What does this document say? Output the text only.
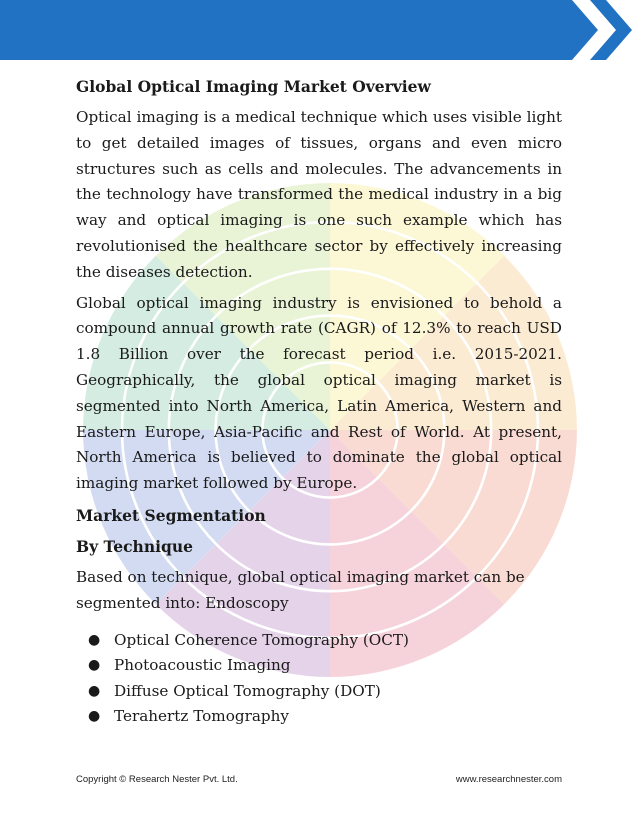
Global Optical Imaging Market Overview

Optical imaging is a medical technique which uses visible light to get detailed images of tissues, organs and even micro structures such as cells and molecules. The advancements in the technology have transformed the medical industry in a big way and optical imaging is one such example which has revolutionised the healthcare sector by effectively increasing the diseases detection.

Global optical imaging industry is envisioned to behold a compound annual growth rate (CAGR) of 12.3% to reach USD 1.8 Billion over the forecast period i.e. 2015-2021. Geographically, the global optical imaging market is segmented into North America, Latin America, Western and Eastern Europe, Asia-Pacific and Rest of World. At present, North America is believed to dominate the global optical imaging market followed by Europe.

Market Segmentation
By Technique

Based on technique, global optical imaging market can be segmented into: Endoscopy

● Optical Coherence Tomography (OCT)
● Photoacoustic Imaging
● Diffuse Optical Tomography (DOT)
● Terahertz Tomography
Copyright © Research Nester Pvt. Ltd.	www.researchnester.com
